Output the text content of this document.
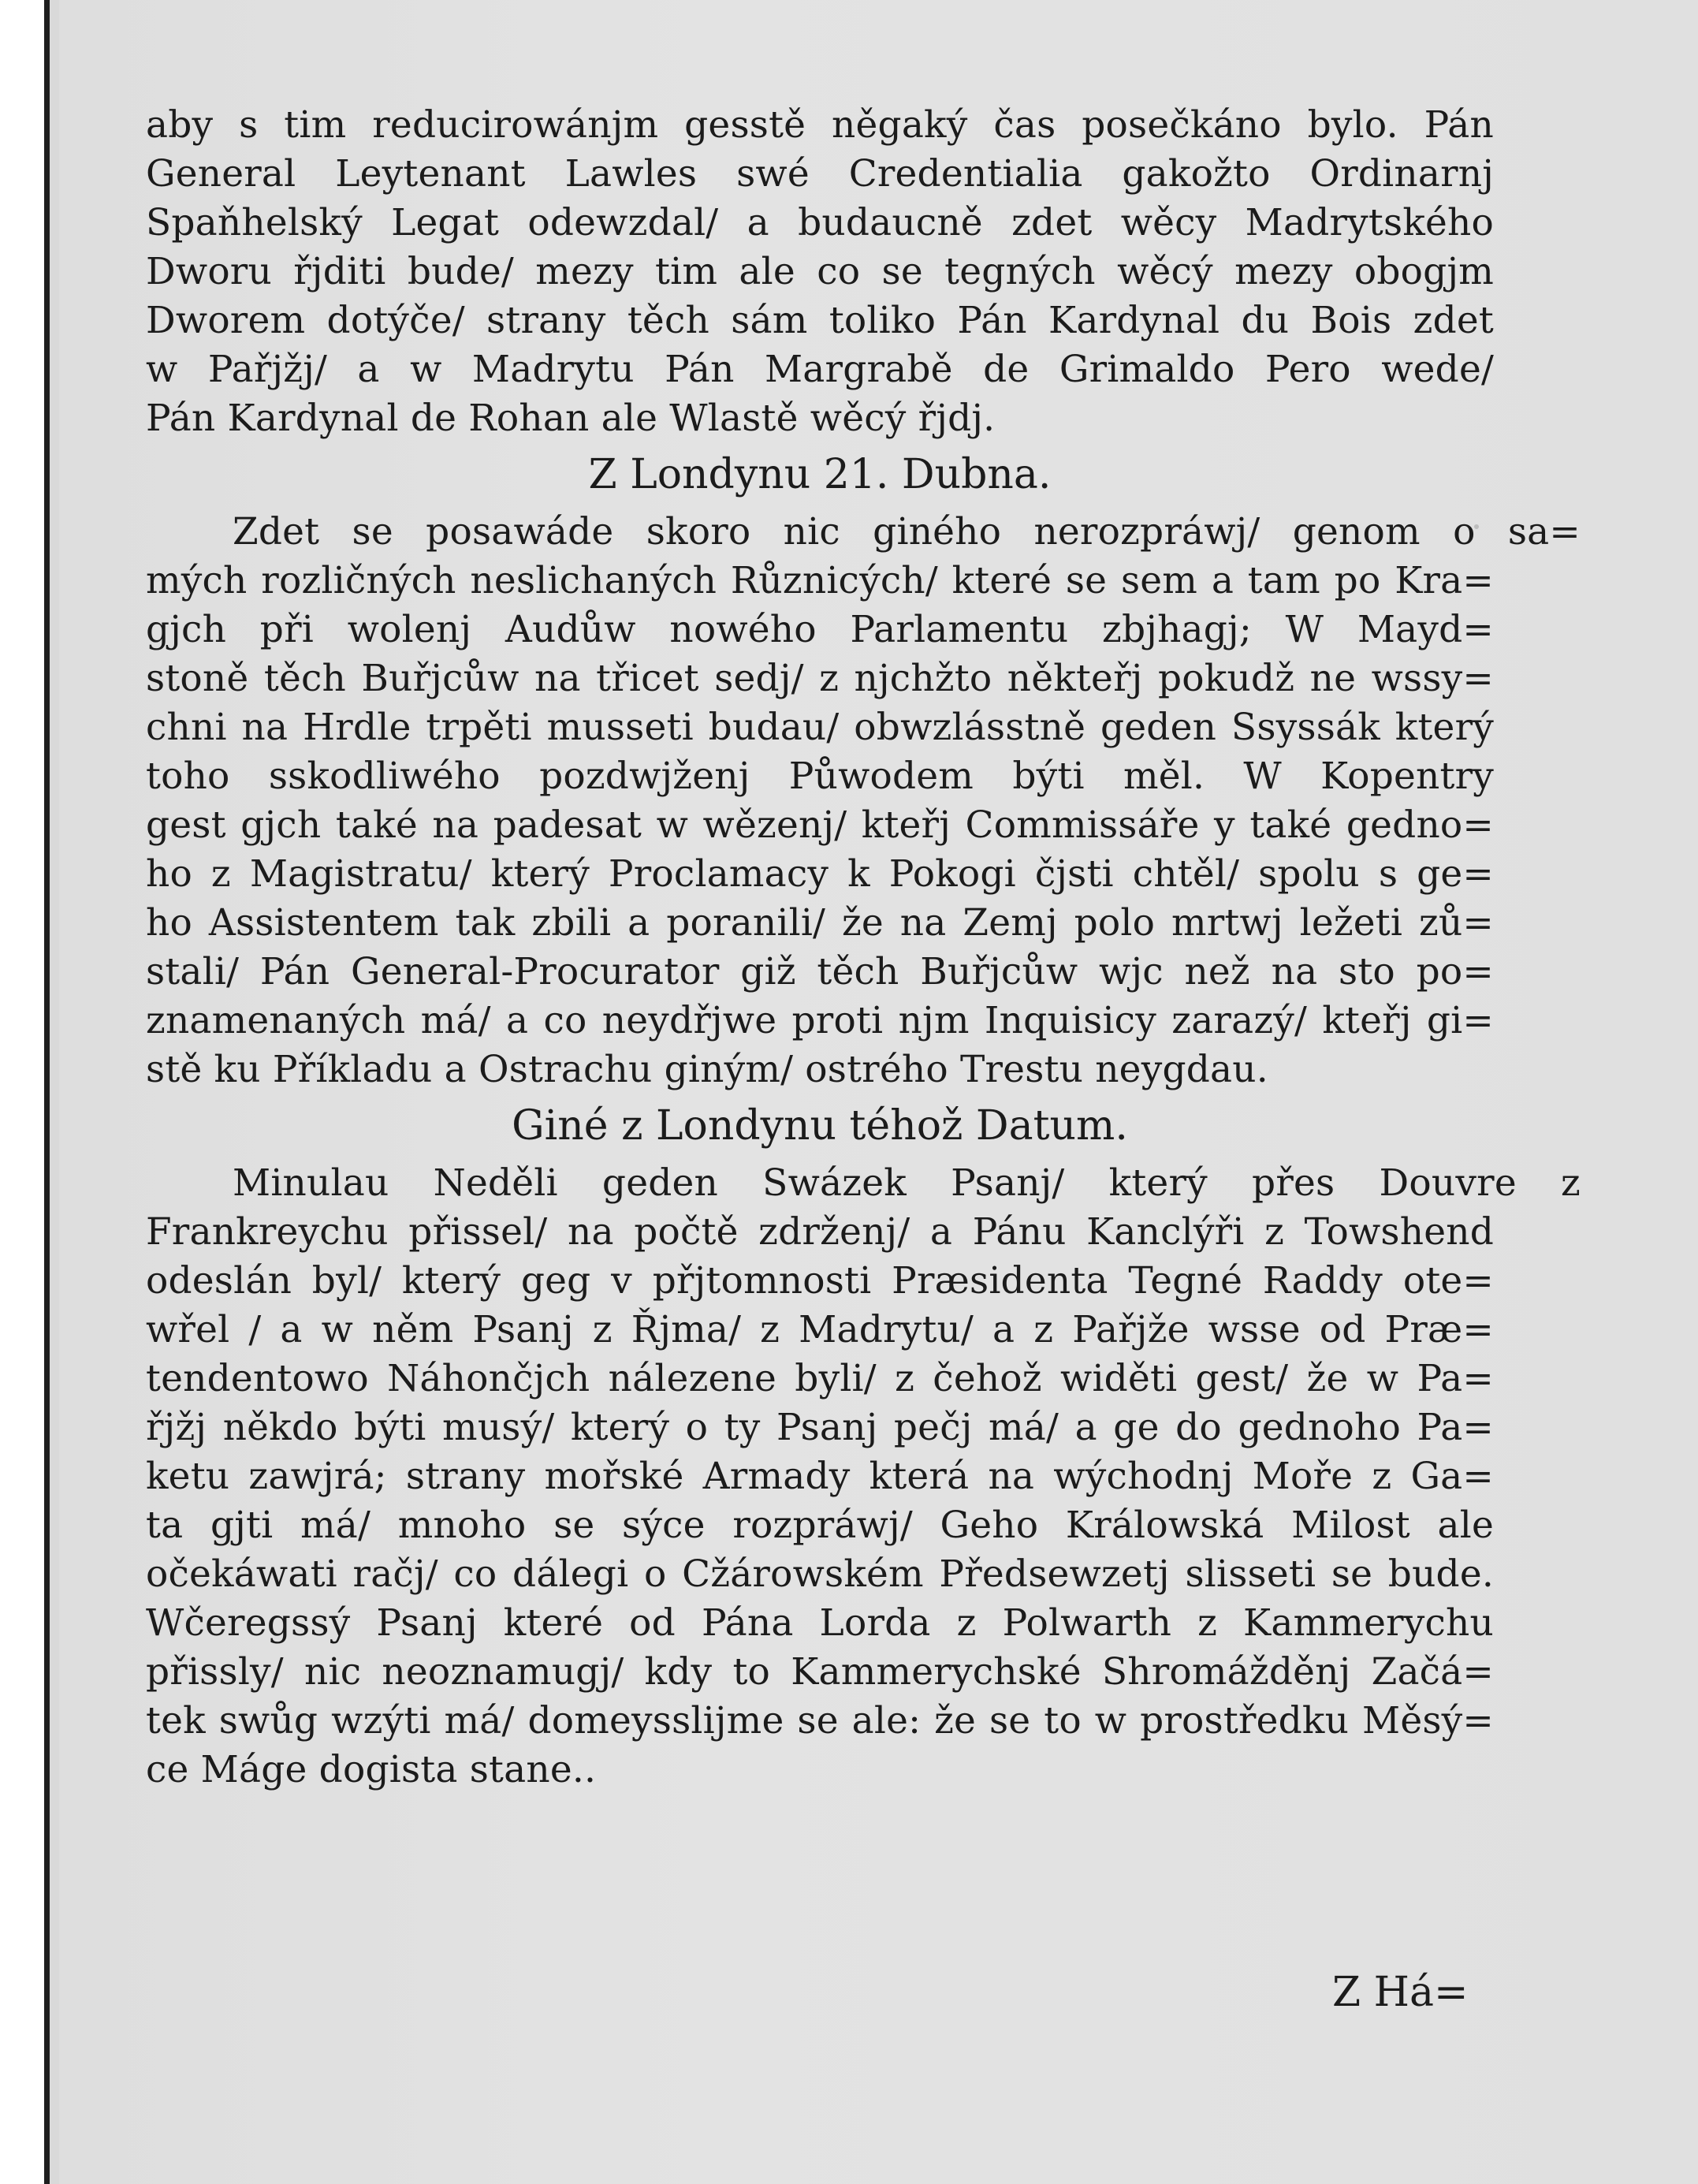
aby s tim reducirowánjm gesstě něgaký čas posečkáno bylo. Pán
General Leytenant Lawles swé Credentialia gakožto Ordinarnj
Spaňhelský Legat odewzdal/ a budaucně zdet wěcy Madrytského
Dworu řjditi bude/ mezy tim ale co se tegných wěcý mezy obogjm
Dworem dotýče/ strany těch sám toliko Pán Kardynal du Bois zdet
w Pařjžj/ a w Madrytu Pán Margrabě de Grimaldo Pero wede/
Pán Kardynal de Rohan ale Wlastě wěcý řjdj.
Z Londynu 21. Dubna.
Zdet se posawáde skoro nic giného nerozpráwj/ genom o sa=
mých rozličných neslichaných Různicých/ které se sem a tam po Kra=
gjch při wolenj Audůw nowého Parlamentu zbjhagj; W Mayd=
stoně těch Buřjcůw na třicet sedj/ z njchžto někteřj pokudž ne wssy=
chni na Hrdle trpěti musseti budau/ obwzlásstně geden Ssyssák který
toho sskodliwého pozdwjženj Půwodem býti měl. W Kopentry
gest gjch také na padesat w wězenj/ kteřj Commissáře y také gedno=
ho z Magistratu/ který Proclamacy k Pokogi čjsti chtěl/ spolu s ge=
ho Assistentem tak zbili a poranili/ že na Zemj polo mrtwj ležeti zů=
stali/ Pán General-Procurator giž těch Buřjcůw wjc než na sto po=
znamenaných má/ a co neydřjwe proti njm Inquisicy zarazý/ kteřj gi=
stě ku Příkladu a Ostrachu giným/ ostrého Trestu neygdau.
Giné z Londynu téhož Datum.
Minulau Neděli geden Swázek Psanj/ který přes Douvre z
Frankreychu přissel/ na počtě zdrženj/ a Pánu Kanclýři z Towshend
odeslán byl/ který geg v přjtomnosti Præsidenta Tegné Raddy ote=
wřel / a w něm Psanj z Řjma/ z Madrytu/ a z Pařjže wsse od Præ=
tendentowo Náhončjch nálezene byli/ z čehož widěti gest/ že w Pa=
řjžj někdo býti musý/ který o ty Psanj pečj má/ a ge do gednoho Pa=
ketu zawjrá; strany mořské Armady která na wýchodnj Moře z Ga=
ta gjti má/ mnoho se sýce rozpráwj/ Geho Králowská Milost ale
očekáwati račj/ co dálegi o Cžárowském Předsewzetj slisseti se bude.
Wčeregssý Psanj které od Pána Lorda z Polwarth z Kammerychu
přissly/ nic neoznamugj/ kdy to Kammerychské Shromážděnj Začá=
tek swůg wzýti má/ domeysslijme se ale: že se to w prostředku Měsý=
ce Máge dogista stane..
Z Há=
